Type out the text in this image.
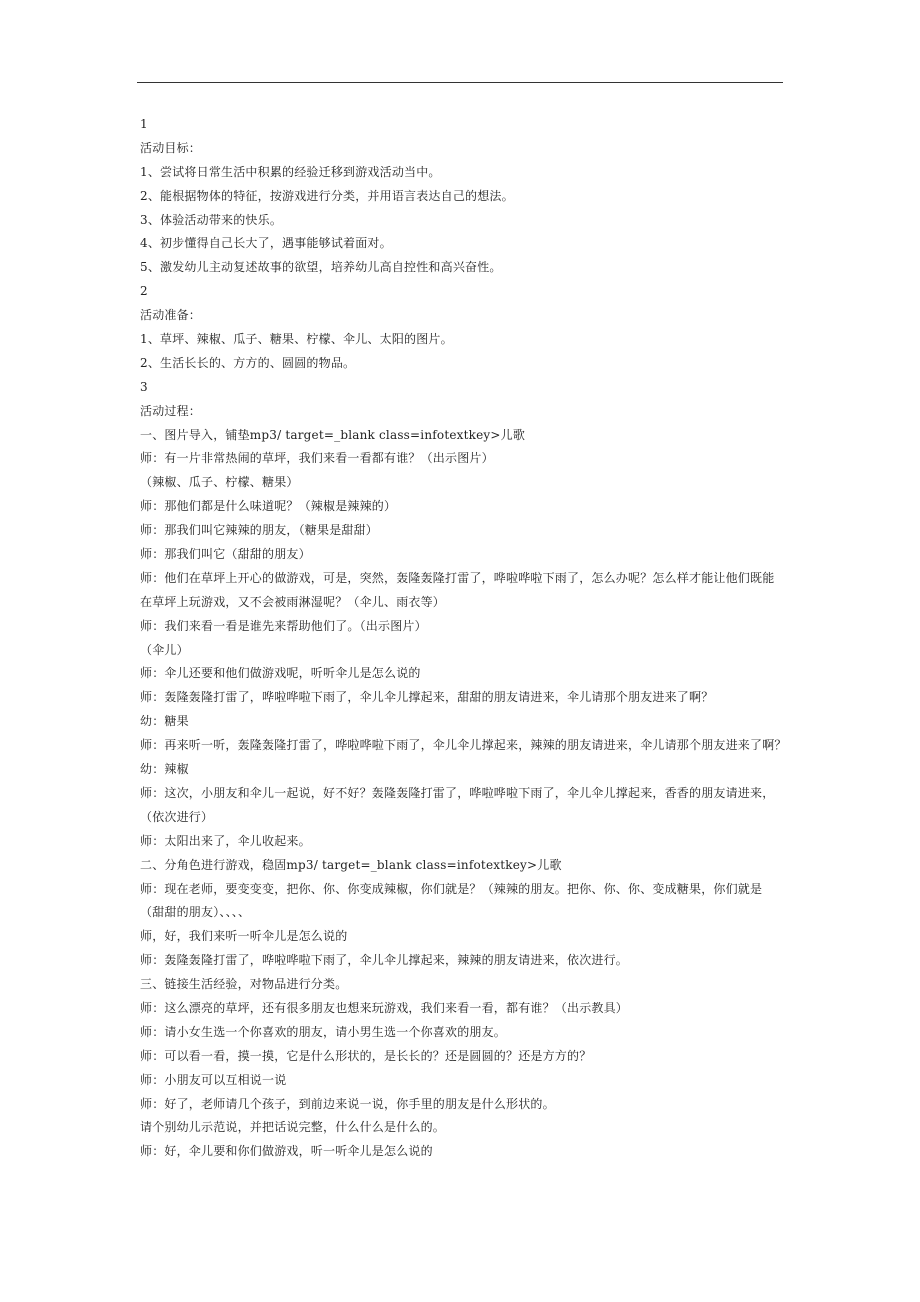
1
活动目标：
1、尝试将日常生活中积累的经验迁移到游戏活动当中。
2、能根据物体的特征，按游戏进行分类，并用语言表达自己的想法。
3、体验活动带来的快乐。
4、初步懂得自己长大了，遇事能够试着面对。
5、激发幼儿主动复述故事的欲望，培养幼儿高自控性和高兴奋性。
2
活动准备：
1、草坪、辣椒、瓜子、糖果、柠檬、伞儿、太阳的图片。
2、生活长长的、方方的、圆圆的物品。
3
活动过程：
一、图片导入，铺垫mp3/ target=_blank class=infotextkey>儿歌
师：有一片非常热闹的草坪，我们来看一看都有谁？（出示图片）
（辣椒、瓜子、柠檬、糖果）
师：那他们都是什么味道呢？（辣椒是辣辣的）
师：那我们叫它辣辣的朋友，（糖果是甜甜）
师：那我们叫它（甜甜的朋友）
师：他们在草坪上开心的做游戏，可是，突然，轰隆轰隆打雷了，哗啦哗啦下雨了，怎么办呢？怎么样才能让他们既能
在草坪上玩游戏，又不会被雨淋湿呢？（伞儿、雨衣等）
师：我们来看一看是谁先来帮助他们了。（出示图片）
（伞儿）
师：伞儿还要和他们做游戏呢，听听伞儿是怎么说的
师：轰隆轰隆打雷了，哗啦哗啦下雨了，伞儿伞儿撑起来，甜甜的朋友请进来，伞儿请那个朋友进来了啊？
幼：糖果
师：再来听一听，轰隆轰隆打雷了，哗啦哗啦下雨了，伞儿伞儿撑起来，辣辣的朋友请进来，伞儿请那个朋友进来了啊？
幼：辣椒
师：这次，小朋友和伞儿一起说，好不好？轰隆轰隆打雷了，哗啦哗啦下雨了，伞儿伞儿撑起来，香香的朋友请进来，
（依次进行）
师：太阳出来了，伞儿收起来。
二、分角色进行游戏，稳固mp3/ target=_blank class=infotextkey>儿歌
师：现在老师，要变变变，把你、你、你变成辣椒，你们就是？（辣辣的朋友。把你、你、你、变成糖果，你们就是
（甜甜的朋友）、、、、
师，好，我们来听一听伞儿是怎么说的
师：轰隆轰隆打雷了，哗啦哗啦下雨了，伞儿伞儿撑起来，辣辣的朋友请进来，依次进行。
三、链接生活经验，对物品进行分类。
师：这么漂亮的草坪，还有很多朋友也想来玩游戏，我们来看一看，都有谁？（出示教具）
师：请小女生选一个你喜欢的朋友，请小男生选一个你喜欢的朋友。
师：可以看一看，摸一摸，它是什么形状的，是长长的？还是圆圆的？还是方方的？
师：小朋友可以互相说一说
师：好了，老师请几个孩子，到前边来说一说，你手里的朋友是什么形状的。
请个别幼儿示范说，并把话说完整，什么什么是什么的。
师：好，伞儿要和你们做游戏，听一听伞儿是怎么说的
